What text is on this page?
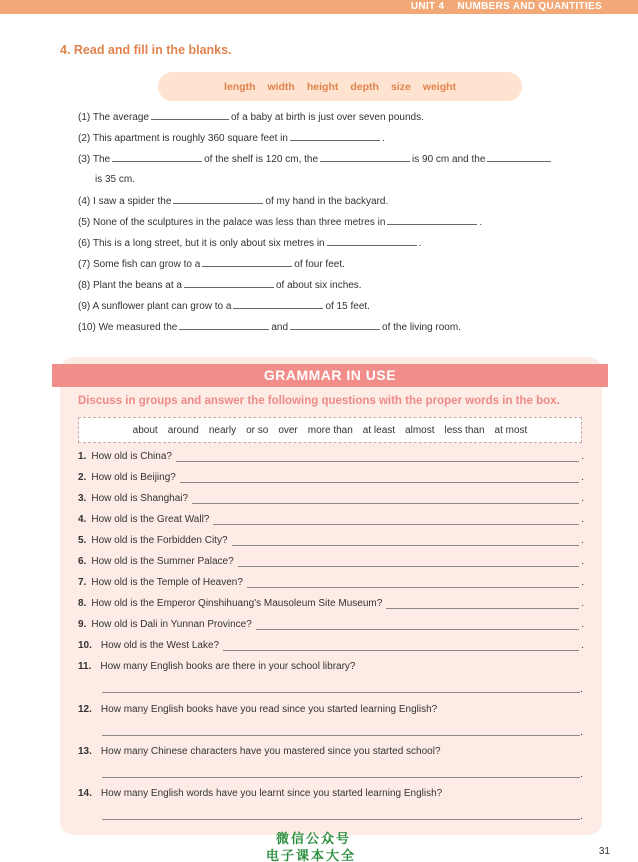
UNIT 4 NUMBERS AND QUANTITIES
4. Read and fill in the blanks.
length width height depth size weight
(1) The average	of a baby at birth is just over seven pounds.
(2) This apartment is roughly 360 square feet in	.
(3) The	of the shelf is 120 cm, the	is 90 cm and the
is 35 cm.
(4) I saw a spider the	of my hand in the backyard.
(5) None of the sculptures in the palace was less than three metres in	.
(6) This is a long street, but it is only about six metres in	.
(7) Some fish can grow to a	of four feet.
(8) Plant the beans at a	of about six inches.
(9) A sunflower plant can grow to a	of 15 feet.
(10) We measured the	and	of the living room.
GRAMMAR IN USE
Discuss in groups and answer the following questions with the proper words in the box.
about around nearly or so over more than at least almost less than at most
1. How old is China?	.
2. How old is Beijing?	.
3. How old is Shanghai?	.
4. How old is the Great Wall?	.
5. How old is the Forbidden City?	.
6. How old is the Summer Palace?	.
7. How old is the Temple of Heaven?	.
8. How old is the Emperor Qinshihuang's Mausoleum Site Museum?	.
9. How old is Dali in Yunnan Province?	.
10. How old is the West Lake?	.
11. How many English books are there in your school library?
.
12. How many English books have you read since you started learning English?
.
13. How many Chinese characters have you mastered since you started school?
.
14. How many English words have you learnt since you started learning English?
.
微信公众号
电子课本大全	31
